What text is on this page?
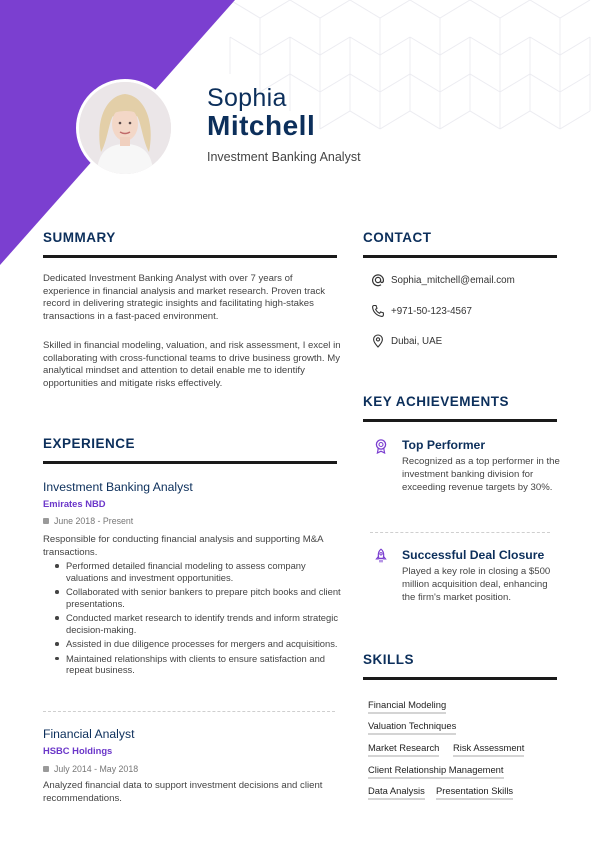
Sophia
Mitchell
Investment Banking Analyst
SUMMARY
Dedicated Investment Banking Analyst with over 7 years of experience in financial analysis and market research. Proven track record in delivering strategic insights and facilitating high-stakes transactions in a fast-paced environment.
Skilled in financial modeling, valuation, and risk assessment, I excel in collaborating with cross-functional teams to drive business growth. My analytical mindset and attention to detail enable me to identify opportunities and mitigate risks effectively.
EXPERIENCE
Investment Banking Analyst
Emirates NBD
June 2018 - Present
Responsible for conducting financial analysis and supporting M&A transactions.
Performed detailed financial modeling to assess company valuations and investment opportunities.
Collaborated with senior bankers to prepare pitch books and client presentations.
Conducted market research to identify trends and inform strategic decision-making.
Assisted in due diligence processes for mergers and acquisitions.
Maintained relationships with clients to ensure satisfaction and repeat business.
Financial Analyst
HSBC Holdings
July 2014 - May 2018
Analyzed financial data to support investment decisions and client recommendations.
CONTACT
Sophia_mitchell@email.com
+971-50-123-4567
Dubai, UAE
KEY ACHIEVEMENTS
Top Performer
Recognized as a top performer in the investment banking division for exceeding revenue targets by 30%.
Successful Deal Closure
Played a key role in closing a $500 million acquisition deal, enhancing the firm's market position.
SKILLS
Financial Modeling
Valuation Techniques
Market Research Risk Assessment
Client Relationship Management
Data Analysis Presentation Skills
